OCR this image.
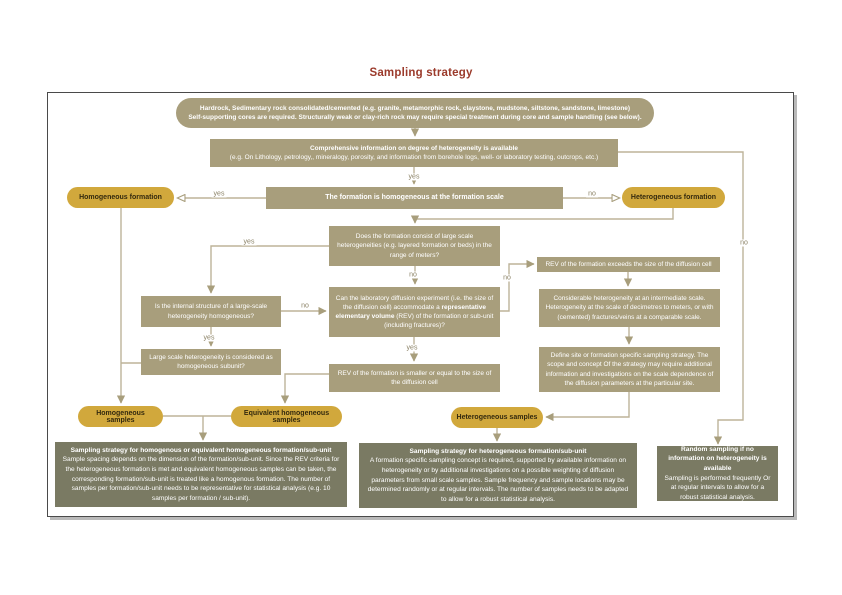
Sampling strategy
Hardrock, Sedimentary rock consolidated/cemented (e.g. granite, metamorphic rock, claystone, mudstone, siltstone, sandstone, limestone)
Self-supporting cores are required. Structurally weak or clay-rich rock may require special treatment during core and sample handling (see below).
Comprehensive information on degree of heterogeneity is available
(e.g. On Lithology, petrology,, mineralogy, porosity, and information from borehole logs, well- or laboratory testing, outcrops, etc.)
The formation is homogeneous at the formation scale
Homogeneous formation	Heterogeneous formation
Does the formation consist of large scale heterogeneities (e.g. layered formation or beds) in the range of meters?
REV of the formation exceeds the size of the diffusion cell
Is the internal structure of a large-scale heterogeneity homogeneous?
Can the laboratory diffusion experiment (i.e. the size of the diffusion cell) accommodate a representative elementary volume (REV) of the formation or sub-unit (including fractures)?
Considerable heterogeneity at an intermediate scale. Heterogeneity at the scale of decimetres to meters, or with (cemented) fractures/veins at a comparable scale.
Large scale heterogeneity is considered as homogeneous subunit?
REV of the formation is smaller or equal to the size of the diffusion cell
Define site or formation specific sampling strategy. The scope and concept Of the strategy may require additional information and investigations on the scale dependence of the diffusion parameters at the particular site.
Homogeneous samples
Equivalent homogeneous samples	Heterogeneous samples
Sampling strategy for homogenous or equivalent homogeneous formation/sub-unit
Sample spacing depends on the dimension of the formation/sub-unit. Since the REV criteria for the heterogeneous formation is met and equivalent homogeneous samples can be taken, the corresponding formation/sub-unit is treated like a homogenous formation. The number of samples per formation/sub-unit needs to be representative for statistical analysis (e.g. 10 samples per formation / sub-unit).
Sampling strategy for heterogeneous formation/sub-unit
A formation specific sampling concept is required, supported by available information on heterogeneity or by additional investigations on a possible weighting of diffusion parameters from small scale samples. Sample frequency and sample locations may be determined randomly or at regular intervals. The number of samples needs to be adapted to allow for a robust statistical analysis.
Random sampling if no information on heterogeneity is available
Sampling is performed frequently Or at regular intervals to allow for a robust statistical analysis.
yes
yes	no
no
yes
no
yes
yes
no
no
